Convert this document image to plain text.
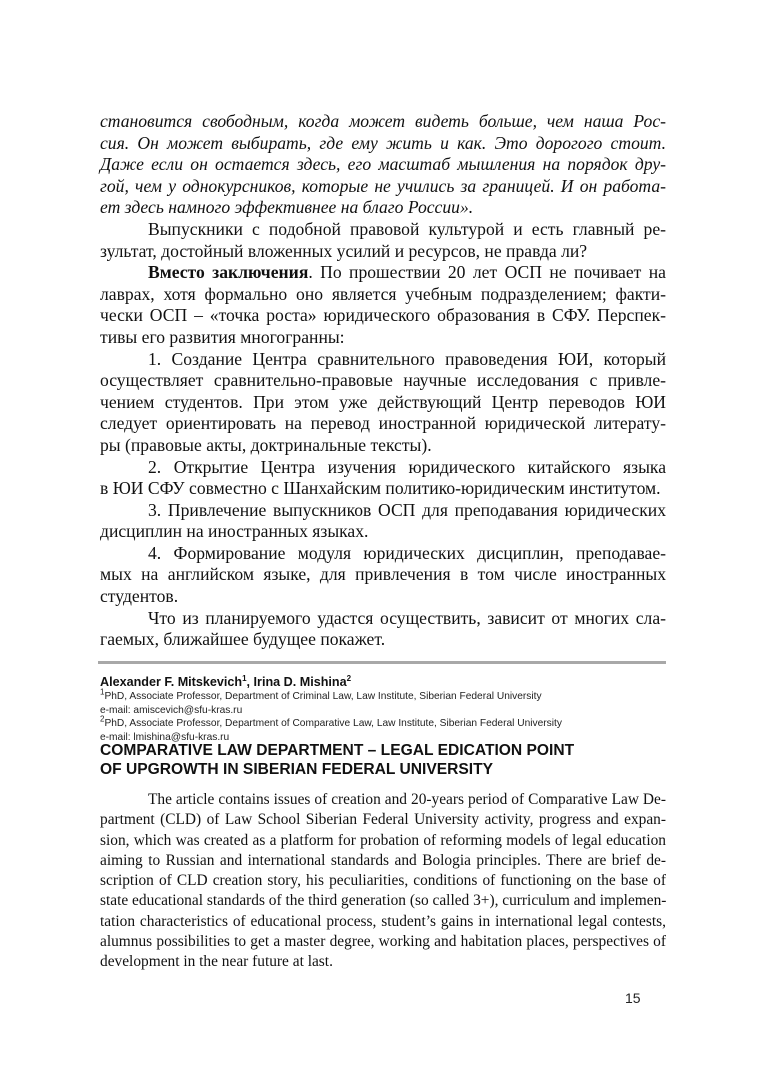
становится свободным, когда может видеть больше, чем наша Рос-
сия. Он может выбирать, где ему жить и как. Это дорогого стоит.
Даже если он остается здесь, его масштаб мышления на порядок дру-
гой, чем у однокурсников, которые не учились за границей. И он работа-
ет здесь намного эффективнее на благо России».
Выпускники с подобной правовой культурой и есть главный ре-
зультат, достойный вложенных усилий и ресурсов, не правда ли?
Вместо заключения. По прошествии 20 лет ОСП не почивает на
лаврах, хотя формально оно является учебным подразделением; факти-
чески ОСП – «точка роста» юридического образования в СФУ. Перспек-
тивы его развития многогранны:
1. Создание Центра сравнительного правоведения ЮИ, который
осуществляет сравнительно-правовые научные исследования с привле-
чением студентов. При этом уже действующий Центр переводов ЮИ
следует ориентировать на перевод иностранной юридической литерату-
ры (правовые акты, доктринальные тексты).
2. Открытие Центра изучения юридического китайского языка
в ЮИ СФУ совместно с Шанхайским политико-юридическим институтом.
3. Привлечение выпускников ОСП для преподавания юридических
дисциплин на иностранных языках.
4. Формирование модуля юридических дисциплин, преподавае-
мых на английском языке, для привлечения в том числе иностранных
студентов.
Что из планируемого удастся осуществить, зависит от многих сла-
гаемых, ближайшее будущее покажет.
Alexander F. Mitskevich$^1$, Irina D. Mishina$^2$
$^1$PhD, Associate Professor, Department of Criminal Law, Law Institute, Siberian Federal University
e-mail: amiscevich@sfu-kras.ru
$^2$PhD, Associate Professor, Department of Comparative Law, Law Institute, Siberian Federal University
e-mail: lmishina@sfu-kras.ru
COMPARATIVE LAW DEPARTMENT – LEGAL EDICATION POINT
OF UPGROWTH IN SIBERIAN FEDERAL UNIVERSITY
The article contains issues of creation and 20-years period of Comparative Law De-
partment (CLD) of Law School Siberian Federal University activity, progress and expan-
sion, which was created as a platform for probation of reforming models of legal education
aiming to Russian and international standards and Bologia principles. There are brief de-
scription of CLD creation story, his peculiarities, conditions of functioning on the base of
state educational standards of the third generation (so called 3+), curriculum and implemen-
tation characteristics of educational process, student’s gains in international legal contests,
alumnus possibilities to get a master degree, working and habitation places, perspectives of
development in the near future at last.
15
